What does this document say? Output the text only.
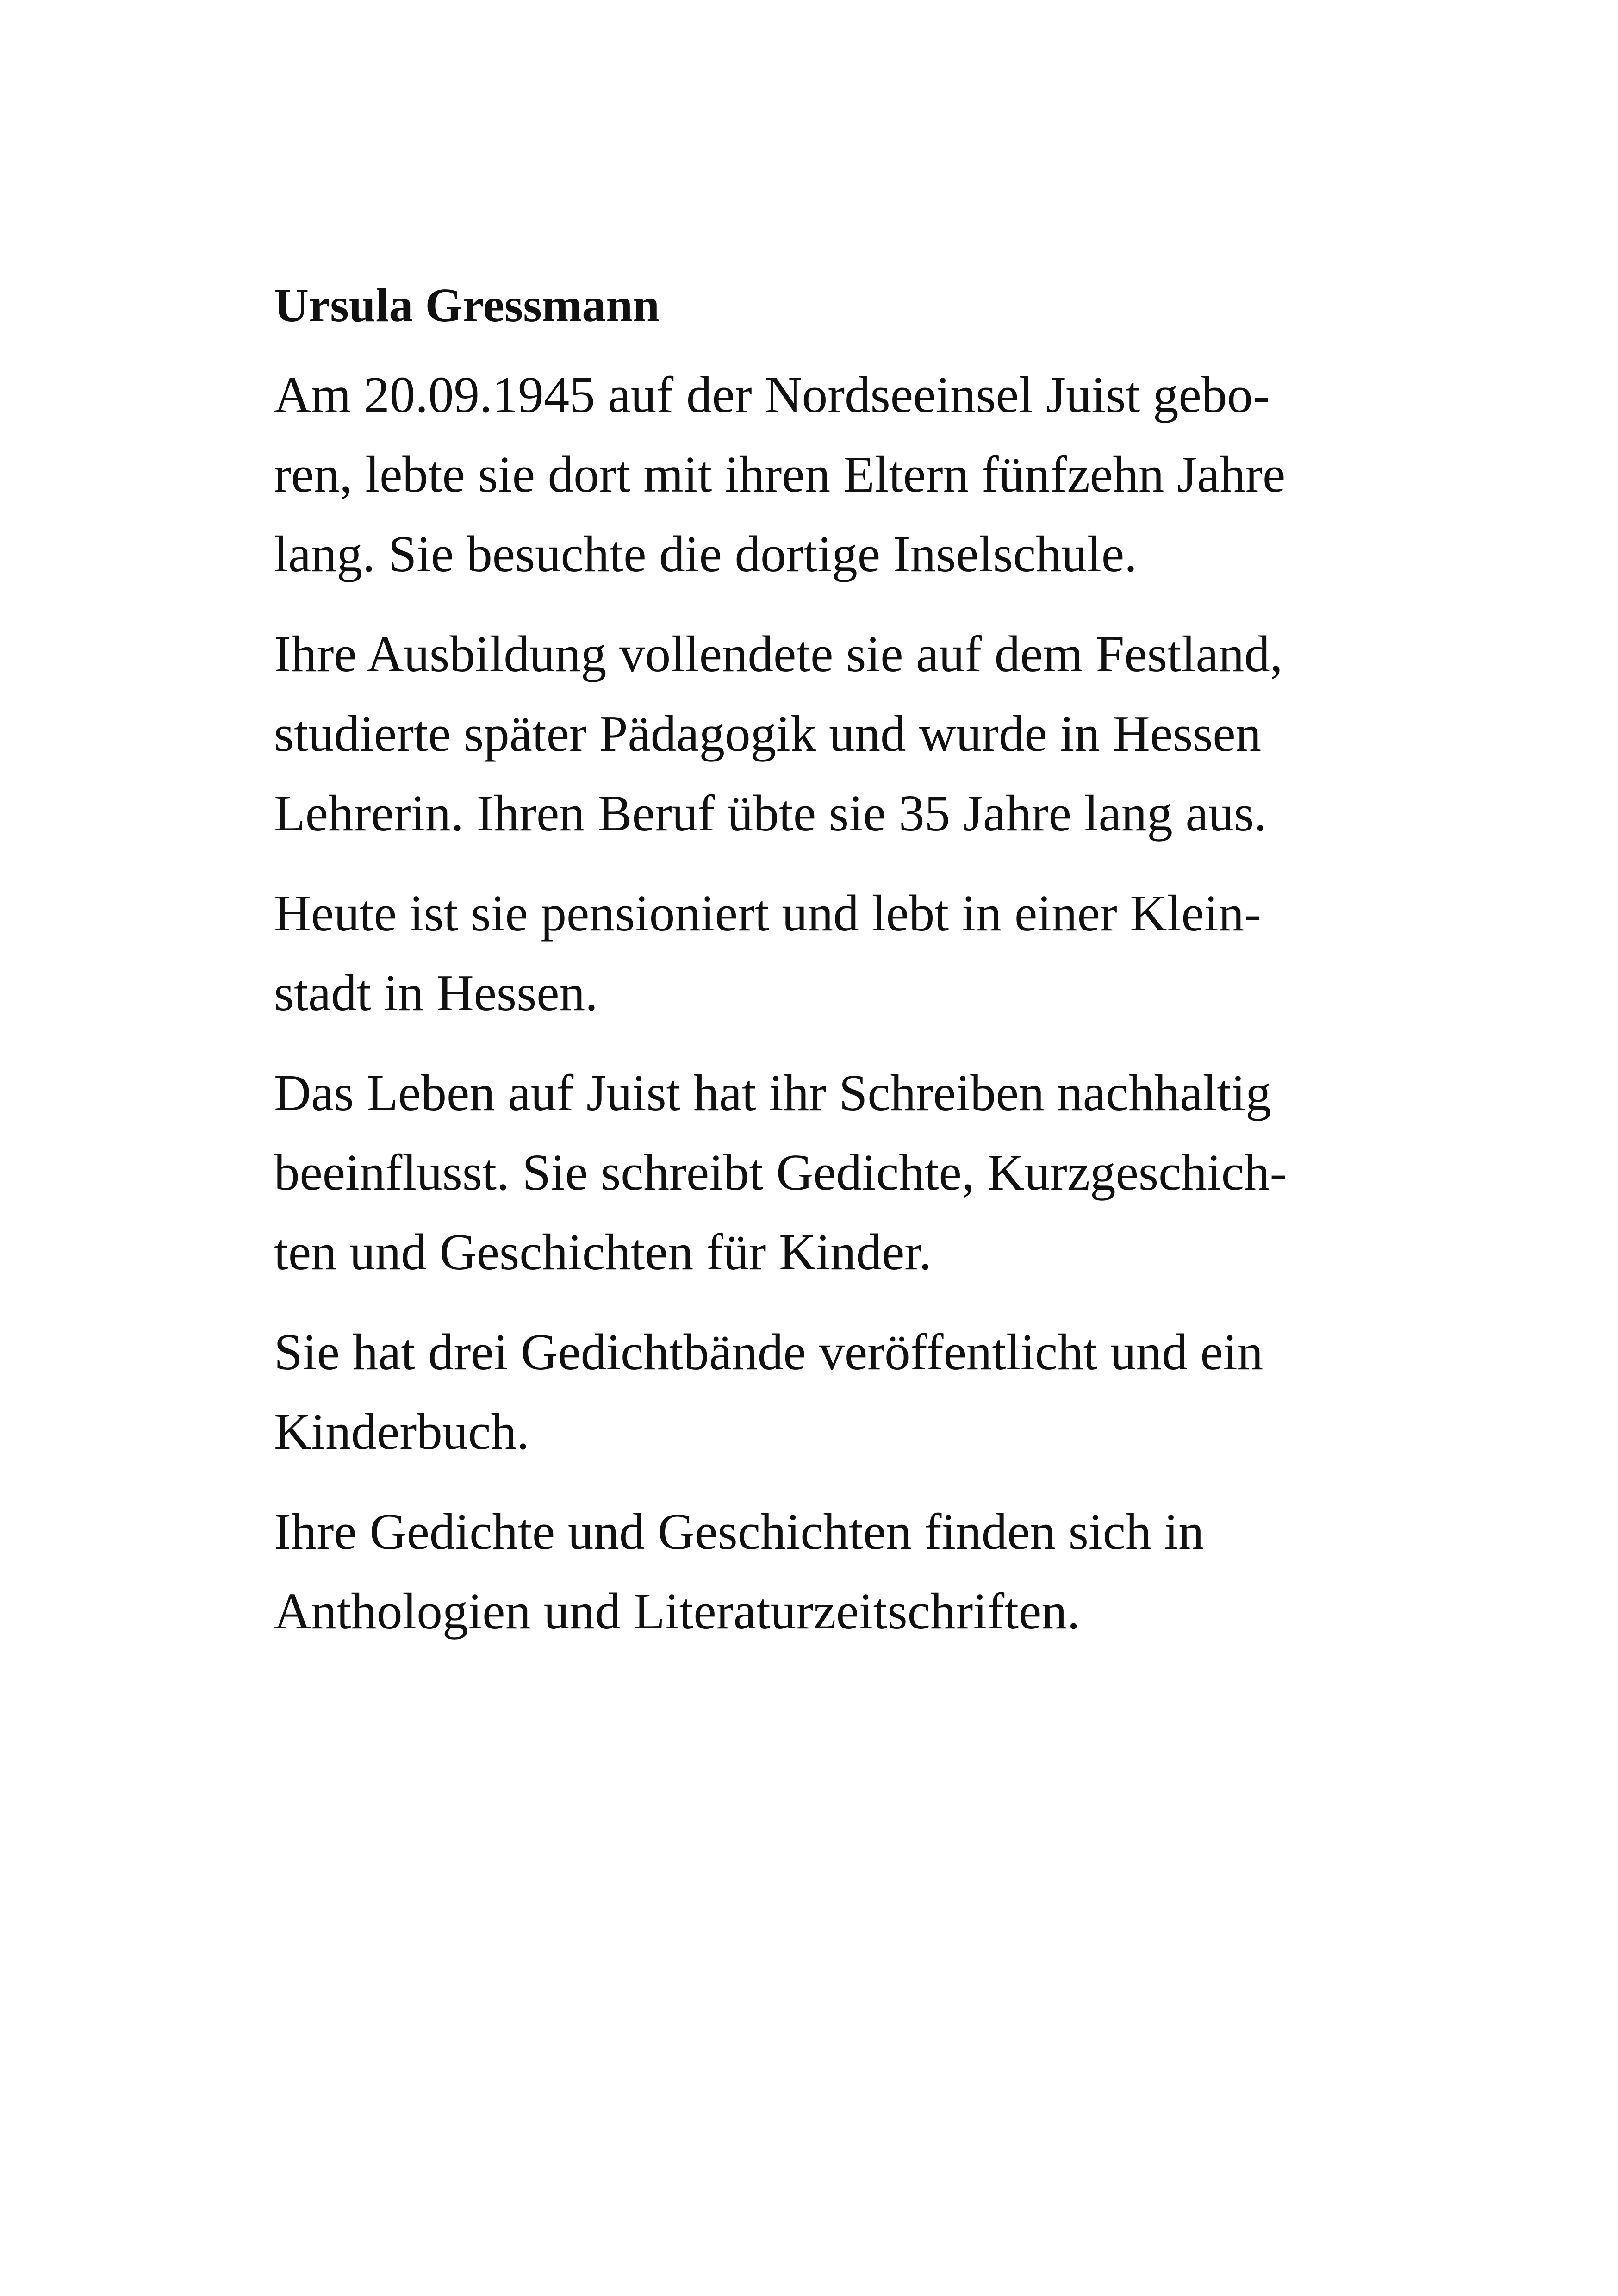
Ursula Gressmann

Am 20.09.1945 auf der Nordseeinsel Juist gebo-
ren, lebte sie dort mit ihren Eltern fünfzehn Jahre
lang. Sie besuchte die dortige Inselschule.

Ihre Ausbildung vollendete sie auf dem Festland,
studierte später Pädagogik und wurde in Hessen
Lehrerin. Ihren Beruf übte sie 35 Jahre lang aus.

Heute ist sie pensioniert und lebt in einer Klein-
stadt in Hessen.

Das Leben auf Juist hat ihr Schreiben nachhaltig
beeinflusst. Sie schreibt Gedichte, Kurzgeschich-
ten und Geschichten für Kinder.

Sie hat drei Gedichtbände veröffentlicht und ein
Kinderbuch.

Ihre Gedichte und Geschichten finden sich in
Anthologien und Literaturzeitschriften.
